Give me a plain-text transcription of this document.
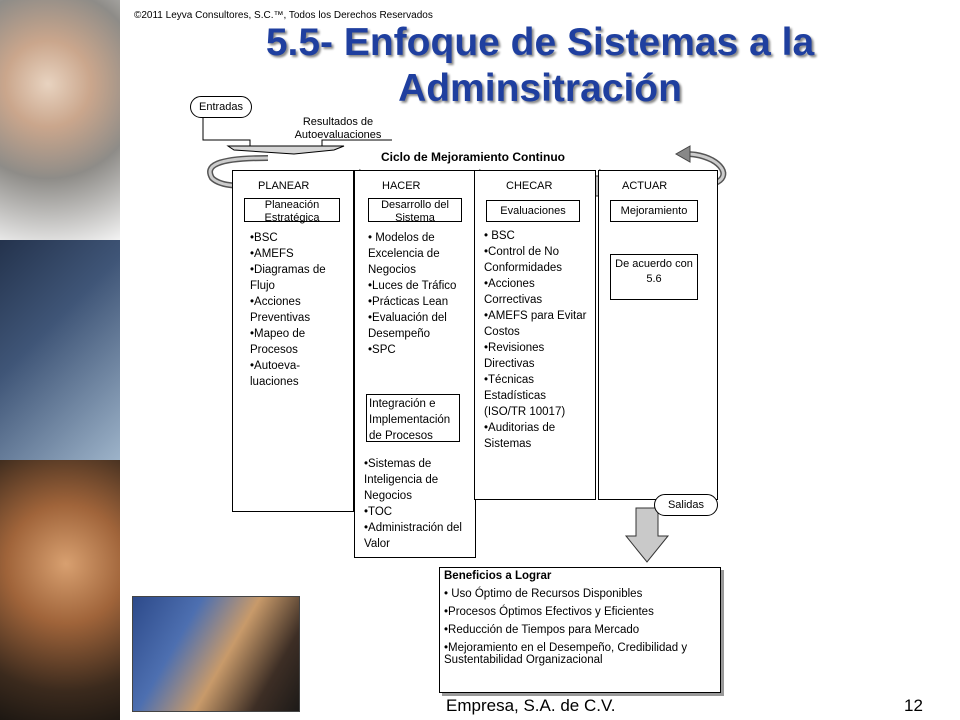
©2011 Leyva Consultores, S.C.™, Todos los Derechos Reservados
5.5- Enfoque de Sistemas a la Adminsitración
Entradas
Resultados de Autoevaluaciones
Ciclo de Mejoramiento Continuo
PLANEAR
Planeación Estratégica
•BSC
•AMEFS
•Diagramas de Flujo
•Acciones Preventivas
•Mapeo de Procesos
•Autoeva- luaciones
HACER
Desarrollo del Sistema
• Modelos de Excelencia de Negocios
•Luces de Tráfico
•Prácticas Lean
•Evaluación del Desempeño
•SPC
Integración e Implementación de Procesos
•Sistemas de Inteligencia de Negocios
•TOC
•Administración del Valor
CHECAR
Evaluaciones
• BSC
•Control de No Conformidades
•Acciones Correctivas
•AMEFS para Evitar Costos
•Revisiones Directivas
•Técnicas Estadísticas (ISO/TR 10017)
•Auditorias de Sistemas
ACTUAR
Mejoramiento
De acuerdo con 5.6
Salidas
Beneficios a Lograr
• Uso Óptimo de Recursos Disponibles
•Procesos Óptimos Efectivos y Eficientes
•Reducción de Tiempos para Mercado
•Mejoramiento en el Desempeño, Credibilidad y Sustentabilidad Organizacional
Empresa, S.A. de C.V.	12
